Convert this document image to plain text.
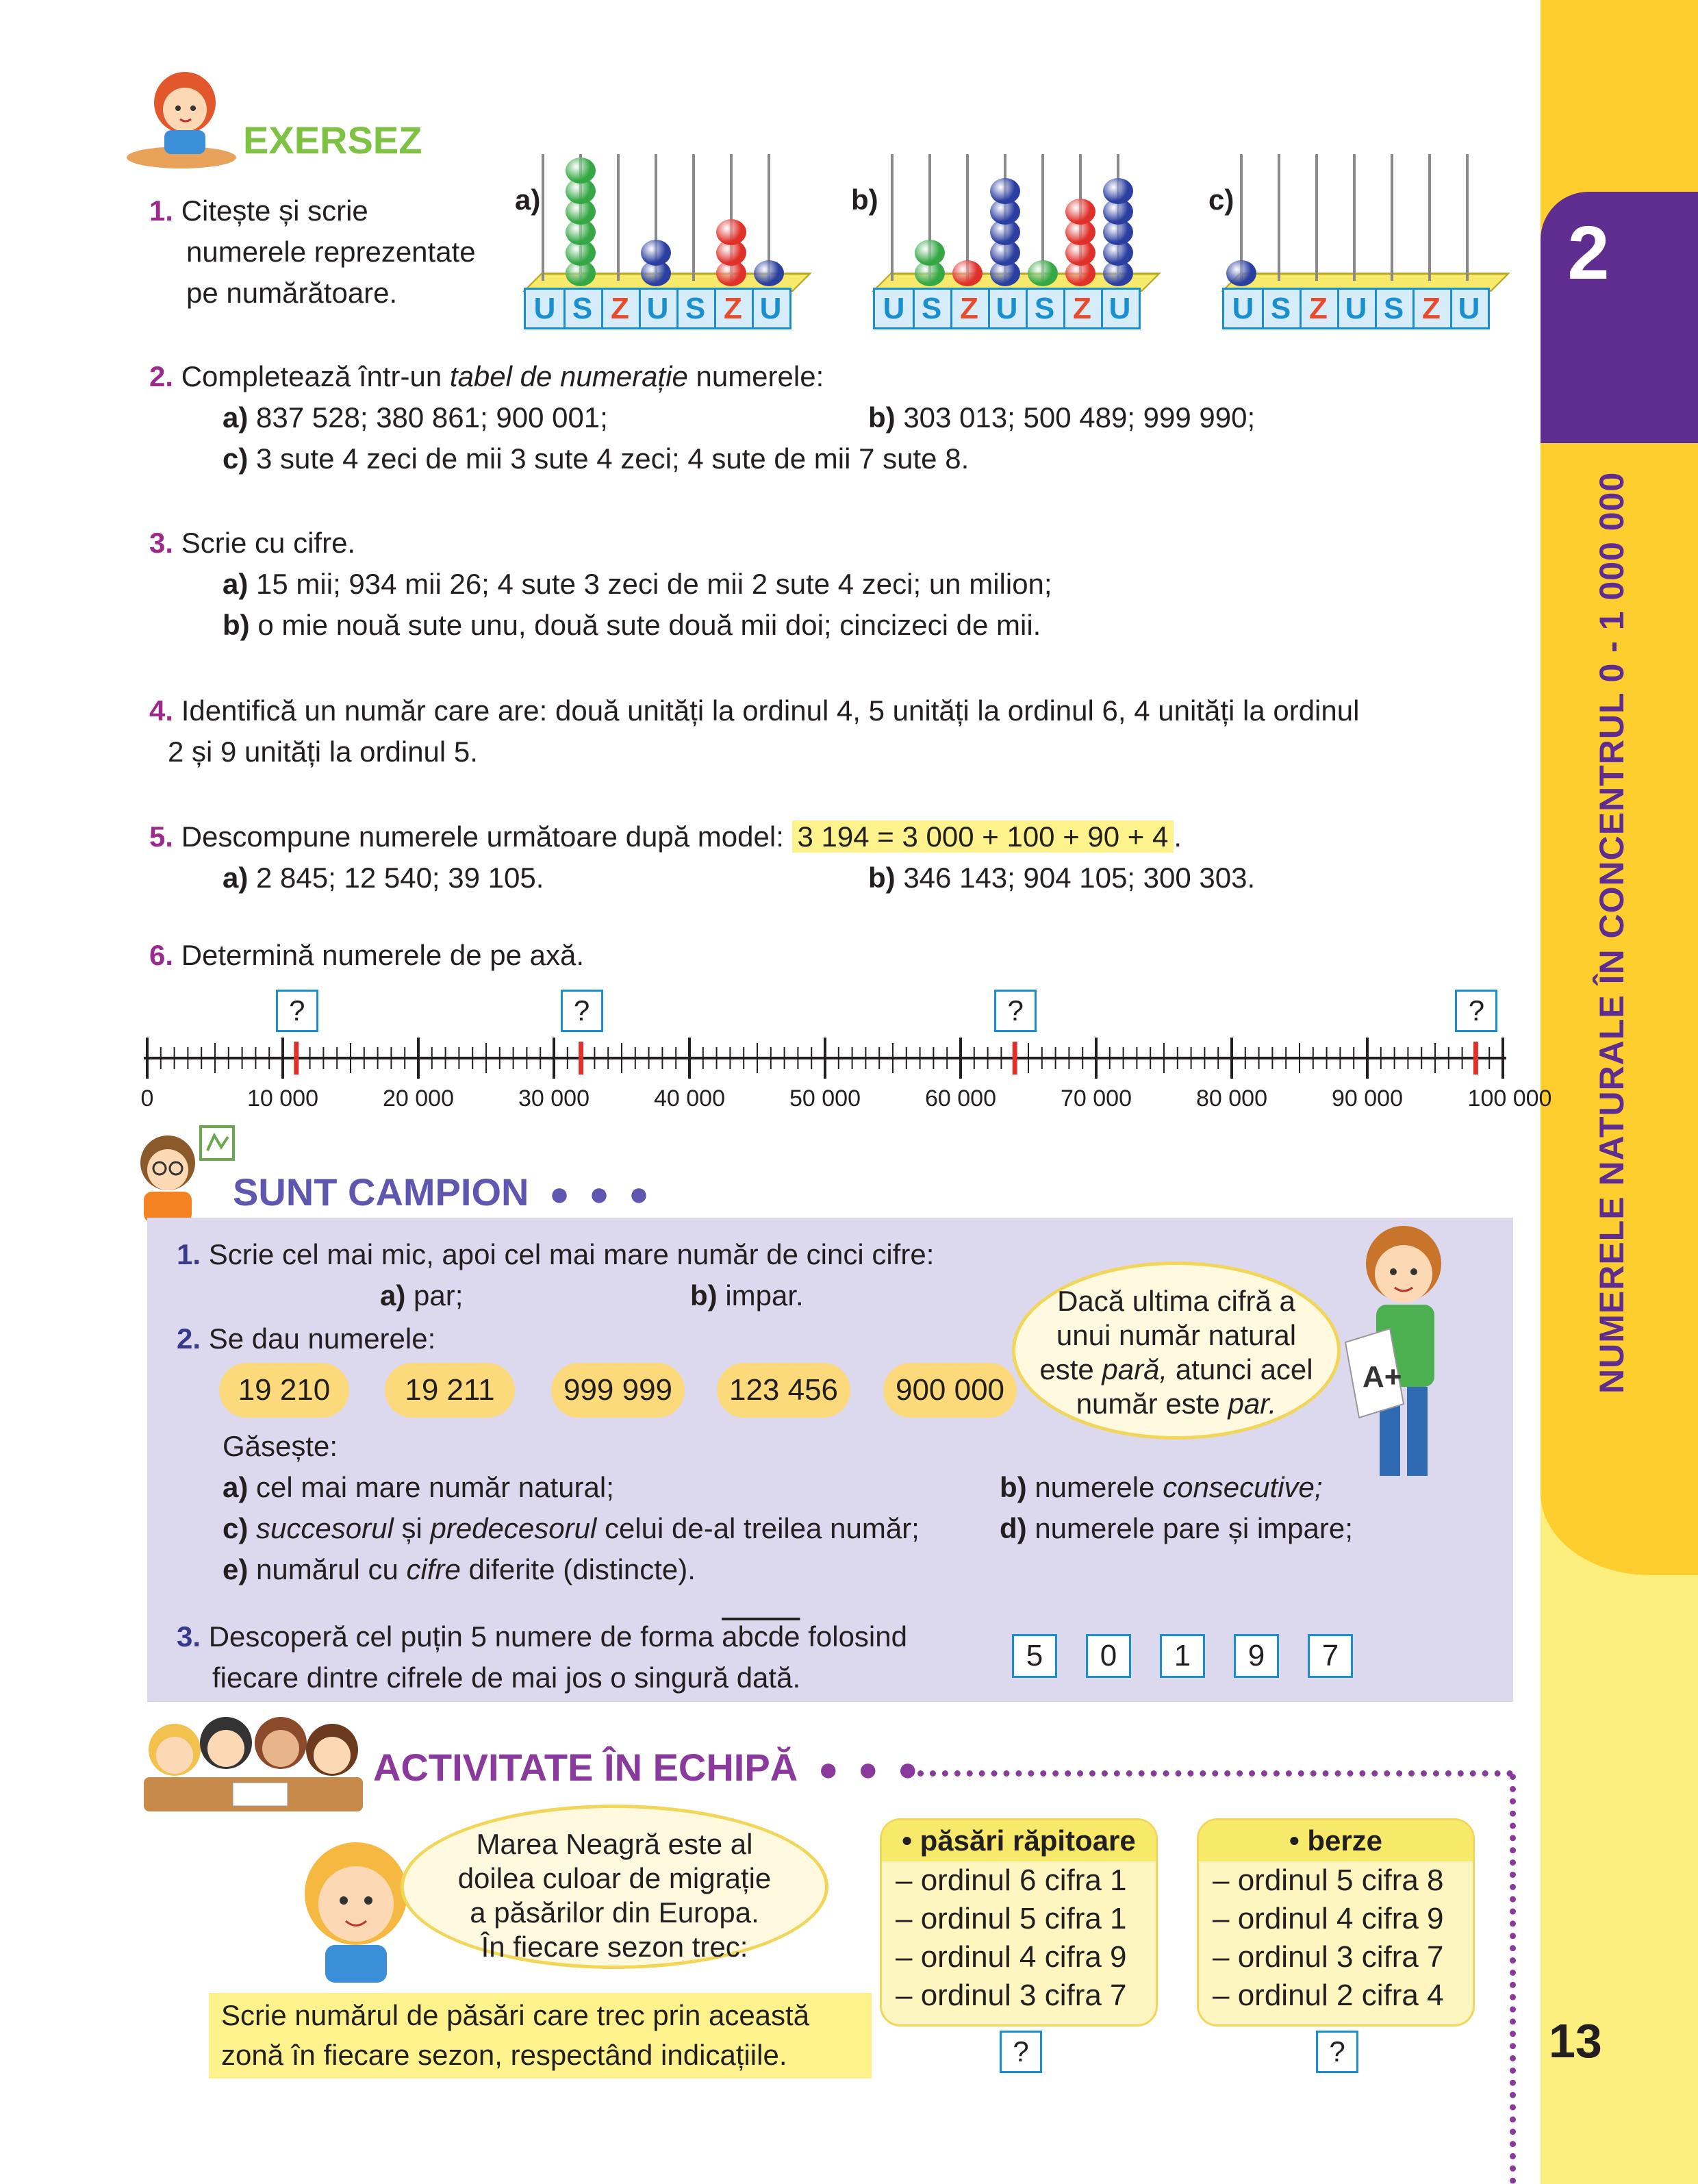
2
NUMERELE NATURALE ÎN CONCENTRUL 0 - 1 000 000
13
EXERSEZ
1. Citește și scrie
numerele reprezentate
pe numărătoare.
a)	b)	c)
U S Z U S Z U	U S Z U S Z U	U S Z U S Z U
2. Completează într-un tabel de numerație numerele:
a) 837 528; 380 861; 900 001;	b) 303 013; 500 489; 999 990;
c) 3 sute 4 zeci de mii 3 sute 4 zeci; 4 sute de mii 7 sute 8.
3. Scrie cu cifre.
a) 15 mii; 934 mii 26; 4 sute 3 zeci de mii 2 sute 4 zeci; un milion;
b) o mie nouă sute unu, două sute două mii doi; cincizeci de mii.
4. Identifică un număr care are: două unități la ordinul 4, 5 unități la ordinul 6, 4 unități la ordinul
2 și 9 unități la ordinul 5.
5. Descompune numerele următoare după model: 3 194 = 3 000 + 100 + 90 + 4 .
a) 2 845; 12 540; 39 105.	b) 346 143; 904 105; 300 303.
6. Determină numerele de pe axă.
?	?	?	?
0	10 000	20 000	30 000	40 000	50 000	60 000	70 000	80 000	90 000	100 000
SUNT CAMPION  ●  ●  ●
1. Scrie cel mai mic, apoi cel mai mare număr de cinci cifre:
a) par;	b) impar.
2. Se dau numerele:
19 210	19 211	999 999	123 456	900 000
Găsește:
a) cel mai mare număr natural;	b) numerele consecutive;
c) succesorul și predecesorul celui de-al treilea număr;	d) numerele pare și impare;
e) numărul cu cifre diferite (distincte).
3. Descoperă cel puțin 5 numere de forma abcde folosind
fiecare dintre cifrele de mai jos o singură dată.
5	0	1	9	7
Dacă ultima cifră a
unui număr natural
este pară, atunci acel
număr este par.
A+
ACTIVITATE ÎN ECHIPĂ  ●  ●  ●
Marea Neagră este al
doilea culoar de migrație
a păsărilor din Europa.
În fiecare sezon trec:
Scrie numărul de păsări care trec prin această
zonă în fiecare sezon, respectând indicațiile.
• păsări răpitoare
– ordinul 6 cifra 1
– ordinul 5 cifra 1
– ordinul 4 cifra 9
– ordinul 3 cifra 7
• berze
– ordinul 5 cifra 8
– ordinul 4 cifra 9
– ordinul 3 cifra 7
– ordinul 2 cifra 4
?	?
